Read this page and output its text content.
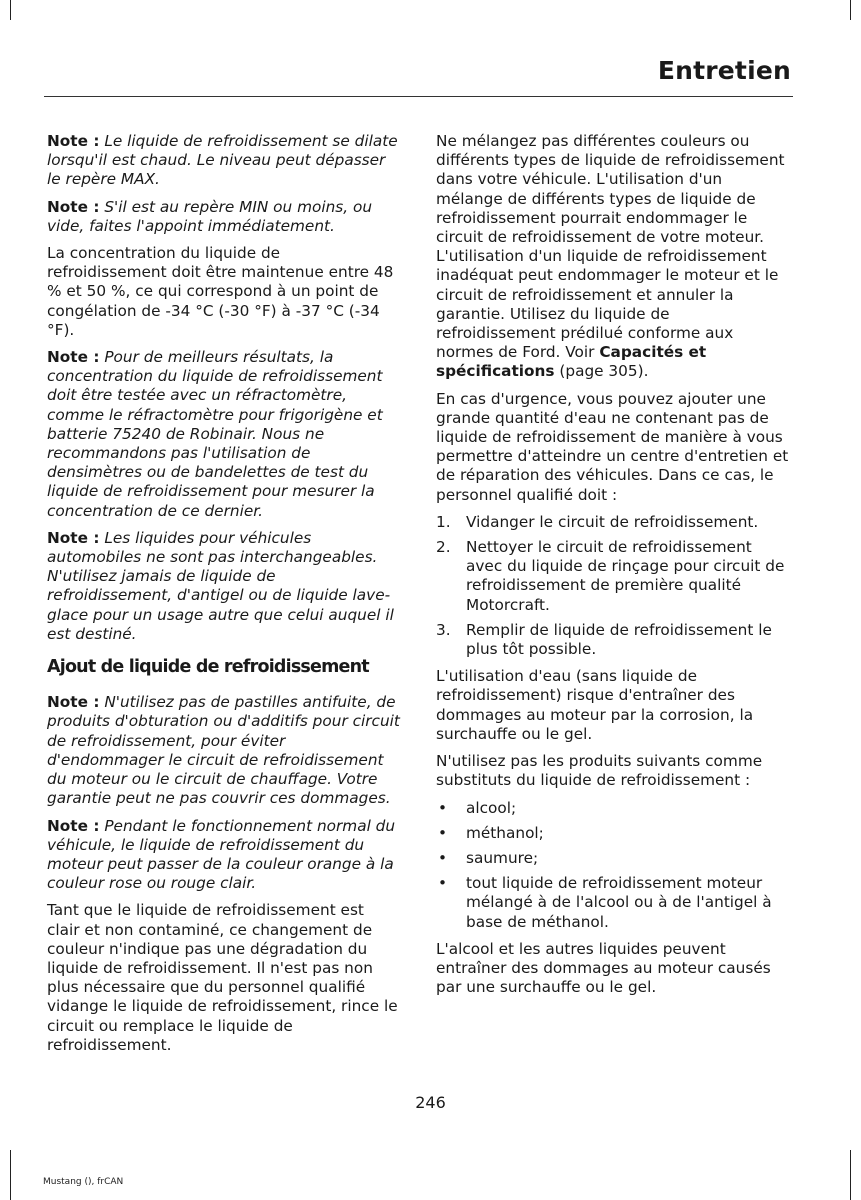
Entretien

Note : Le liquide de refroidissement se dilate lorsqu'il est chaud. Le niveau peut dépasser le repère MAX.

Note : S'il est au repère MIN ou moins, ou vide, faites l'appoint immédiatement.

La concentration du liquide de refroidissement doit être maintenue entre 48 % et 50 %, ce qui correspond à un point de congélation de -34 °C (-30 °F) à -37 °C (-34 °F).

Note : Pour de meilleurs résultats, la concentration du liquide de refroidissement doit être testée avec un réfractomètre, comme le réfractomètre pour frigorigène et batterie 75240 de Robinair. Nous ne recommandons pas l'utilisation de densimètres ou de bandelettes de test du liquide de refroidissement pour mesurer la concentration de ce dernier.

Note : Les liquides pour véhicules automobiles ne sont pas interchangeables. N'utilisez jamais de liquide de refroidissement, d'antigel ou de liquide lave-glace pour un usage autre que celui auquel il est destiné.

Ajout de liquide de refroidissement

Note : N'utilisez pas de pastilles antifuite, de produits d'obturation ou d'additifs pour circuit de refroidissement, pour éviter d'endommager le circuit de refroidissement du moteur ou le circuit de chauffage. Votre garantie peut ne pas couvrir ces dommages.

Note : Pendant le fonctionnement normal du véhicule, le liquide de refroidissement du moteur peut passer de la couleur orange à la couleur rose ou rouge clair.

Tant que le liquide de refroidissement est clair et non contaminé, ce changement de couleur n'indique pas une dégradation du liquide de refroidissement. Il n'est pas non plus nécessaire que du personnel qualifié vidange le liquide de refroidissement, rince le circuit ou remplace le liquide de refroidissement.

Ne mélangez pas différentes couleurs ou différents types de liquide de refroidissement dans votre véhicule. L'utilisation d'un mélange de différents types de liquide de refroidissement pourrait endommager le circuit de refroidissement de votre moteur. L'utilisation d'un liquide de refroidissement inadéquat peut endommager le moteur et le circuit de refroidissement et annuler la garantie. Utilisez du liquide de refroidissement prédilué conforme aux normes de Ford. Voir Capacités et spécifications (page 305).

En cas d'urgence, vous pouvez ajouter une grande quantité d'eau ne contenant pas de liquide de refroidissement de manière à vous permettre d'atteindre un centre d'entretien et de réparation des véhicules. Dans ce cas, le personnel qualifié doit :

1. Vidanger le circuit de refroidissement.
2. Nettoyer le circuit de refroidissement avec du liquide de rinçage pour circuit de refroidissement de première qualité Motorcraft.
3. Remplir de liquide de refroidissement le plus tôt possible.

L'utilisation d'eau (sans liquide de refroidissement) risque d'entraîner des dommages au moteur par la corrosion, la surchauffe ou le gel.

N'utilisez pas les produits suivants comme substituts du liquide de refroidissement :

• alcool;
• méthanol;
• saumure;
• tout liquide de refroidissement moteur mélangé à de l'alcool ou à de l'antigel à base de méthanol.

L'alcool et les autres liquides peuvent entraîner des dommages au moteur causés par une surchauffe ou le gel.

246
Mustang (), frCAN
